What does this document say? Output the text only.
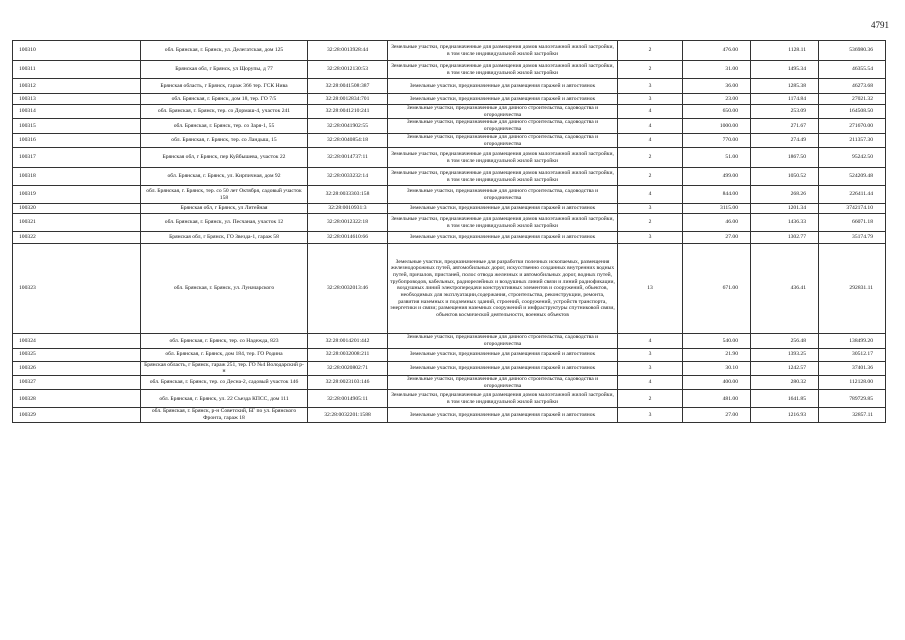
4791
100310	обл. Брянская, г. Брянск, ул. Делегатская, дом 125	32:28:0013928:44	Земельные участки, предназначенные для размещения домов малоэтажной жилой застройки, в том числе индивидуальной жилой застройки	2	476.00	1128.11	536980.36
100311	Брянская обл, г Брянск, ул Щорупы, д 77	32:28:0012130:53	Земельные участки, предназначенные для размещения домов малоэтажной жилой застройки, в том числе индивидуальной жилой застройки	2	31.00	1495.34	46355.54
100312	Брянская область, г Брянск, гараж 366 тер. ГСК Нива	32:28:0041508:387	Земельные участки, предназначенные для размещения гаражей и автостоянок	3	36.00	1285.38	46273.68
100313	обл. Брянская, г. Брянск, дом 18, тер. ГО 7/5	32:28:0012834:701	Земельные участки, предназначенные для размещения гаражей и автостоянок	3	23.00	1174.84	27021.32
100314	обл. Брянская, г. Брянск, тер. со Дормаш-4, участок 241	32:28:0041210:241	Земельные участки, предназначенные для дачного строительства, садоводства и огородничества	4	650.00	253.09	164508.50
100315	обл. Брянская, г. Брянск, тер. со Заря-1, 55	32:28:0041902:55	Земельные участки, предназначенные для дачного строительства, садоводства и огородничества	4	1000.00	271.67	271670.00
100316	обл. Брянская, г. Брянск, тер. со Ландыш, 15	32:28:0040854:18	Земельные участки, предназначенные для дачного строительства, садоводства и огородничества	4	770.00	274.49	211357.30
100317	Брянская обл, г Брянск, пер Куйбышева, участок 22	32:28:0014737:11	Земельные участки, предназначенные для размещения домов малоэтажной жилой застройки, в том числе индивидуальной жилой застройки	2	51.00	1867.50	95242.50
100318	обл. Брянская, г. Брянск, ул. Кирпичная, дом 92	32:28:0033232:14	Земельные участки, предназначенные для размещения домов малоэтажной жилой застройки, в том числе индивидуальной жилой застройки	2	499.00	1050.52	524209.48
100319	обл. Брянская, г. Брянск, тер. со 50 лет Октября, садовый участок 158	32:28:0033303:158	Земельные участки, предназначенные для дачного строительства, садоводства и огородничества	4	844.00	268.26	226411.44
100320	Брянская обл, г Брянск, ул Литейная	32:28:0010931:3	Земельные участки, предназначенные для размещения гаражей и автостоянок	3	3115.00	1201.34	3742174.10
100321	обл. Брянская, г. Брянск, ул. Песчаная, участок 12	32:28:0012322:18	Земельные участки, предназначенные для размещения домов малоэтажной жилой застройки, в том числе индивидуальной жилой застройки	2	46.00	1436.33	66071.18
100322	Брянская обл, г Брянск, ГО Звезда-1, гараж 58	32:28:0014610:66	Земельные участки, предназначенные для размещения гаражей и автостоянок	3	27.00	1302.77	35174.79
100323	обл. Брянская, г. Брянск, ул. Луначарского	32:28:0032013:46	Земельные участки, предназначенные для разработки полезных ископаемых, размещения железнодорожных путей, автомобильных дорог, искусственно созданных внутренних водных путей, причалов, пристаней, полос отвода железных и автомобильных дорог, водных путей, трубопроводов, кабельных, радиорелейных и воздушных линий связи и линий радиофикации, воздушных линий электропередачи конструктивных элементов и сооружений, объектов, необходимых для эксплуатации,содержания, строительства, реконструкции, ремонта, развития наземных и подземных зданий, строений, сооружений, устройств транспорта, энергетики и связи; размещения наземных сооружений и инфраструктуры спутниковой связи, объектов космической деятельности, военных объектов	13	671.00	436.41	292831.11
100324	обл. Брянская, г. Брянск, тер. со Надежда, 823	32:28:0014201:442	Земельные участки, предназначенные для дачного строительства, садоводства и огородничества	4	540.00	256.48	138499.20
100325	обл. Брянская, г. Брянск, дом 184, тер. ГО Родина	32:28:0032008:211	Земельные участки, предназначенные для размещения гаражей и автостоянок	3	21.90	1393.25	30512.17
100326	Брянская область, г Брянск, гараж 251, тер. ГО №4 Володарский р-н	32:28:0020802:71	Земельные участки, предназначенные для размещения гаражей и автостоянок	3	30.10	1242.57	37401.36
100327	обл. Брянская, г. Брянск, тер. со Десна-2, садовый участок 146	32:28:0023103:146	Земельные участки, предназначенные для дачного строительства, садоводства и огородничества	4	400.00	280.32	112128.00
100328	обл. Брянская, г. Брянск, ул. 22 Съезда КПСС, дом 111	32:28:0014905:11	Земельные участки, предназначенные для размещения домов малоэтажной жилой застройки, в том числе индивидуальной жилой застройки	2	481.00	1641.85	789729.85
100329	обл. Брянская, г. Брянск, р-н Советский, БГ по ул. Брянского Фронта, гараж 18	32:28:0032201:1588	Земельные участки, предназначенные для размещения гаражей и автостоянок	3	27.00	1216.93	32857.11
